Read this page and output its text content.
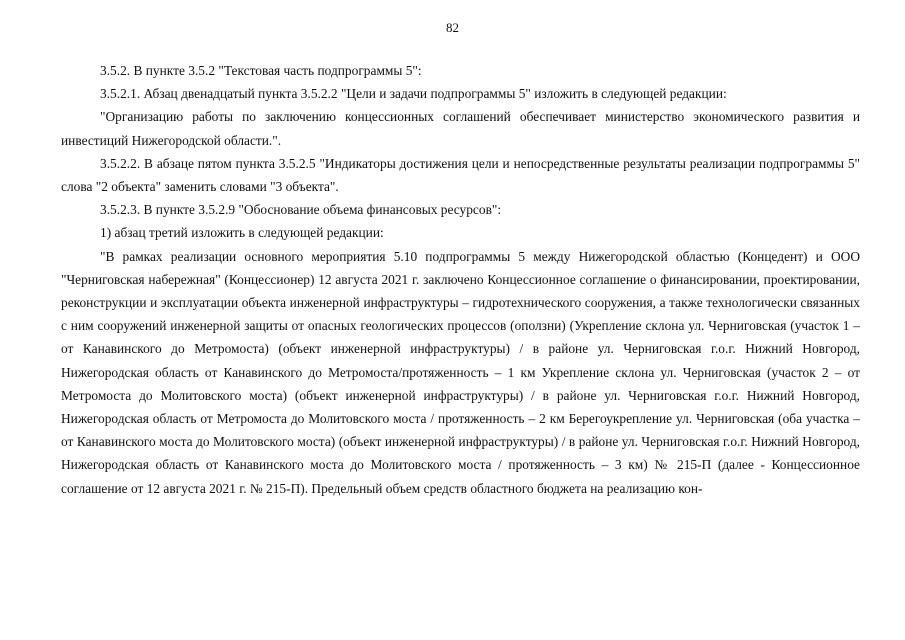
82

3.5.2. В пункте 3.5.2 "Текстовая часть подпрограммы 5":

3.5.2.1. Абзац двенадцатый пункта 3.5.2.2 "Цели и задачи подпрограммы 5" изложить в следующей редакции:

"Организацию работы по заключению концессионных соглашений обеспечивает министерство экономического развития и инвестиций Нижегородской области.".

3.5.2.2. В абзаце пятом пункта 3.5.2.5 "Индикаторы достижения цели и непосредственные результаты реализации подпрограммы 5" слова "2 объекта" заменить словами "3 объекта".

3.5.2.3. В пункте 3.5.2.9 "Обоснование объема финансовых ресурсов":

1) абзац третий изложить в следующей редакции:

"В рамках реализации основного мероприятия 5.10 подпрограммы 5 между Нижегородской областью (Концедент) и ООО "Черниговская набережная" (Концессионер) 12 августа 2021 г. заключено Концессионное соглашение о финансировании, проектировании, реконструкции и эксплуатации объекта инженерной инфраструктуры – гидротехнического сооружения, а также технологически связанных с ним сооружений инженерной защиты от опасных геологических процессов (оползни) (Укрепление склона ул. Черниговская (участок 1 – от Канавинского до Метромоста) (объект инженерной инфраструктуры) / в районе ул. Черниговская г.о.г. Нижний Новгород, Нижегородская область от Канавинского до Метромоста/протяженность – 1 км Укрепление склона ул. Черниговская (участок 2 – от Метромоста до Молитовского моста) (объект инженерной инфраструктуры) / в районе ул. Черниговская г.о.г. Нижний Новгород, Нижегородская область от Метромоста до Молитовского моста / протяженность – 2 км Берегоукрепление ул. Черниговская (оба участка – от Канавинского моста до Молитовского моста) (объект инженерной инфраструктуры) / в районе ул. Черниговская г.о.г. Нижний Новгород, Нижегородская область от Канавинского моста до Молитовского моста / протяженность – 3 км) № 215-П (далее - Концессионное соглашение от 12 августа 2021 г. № 215-П). Предельный объем средств областного бюджета на реализацию кон-
